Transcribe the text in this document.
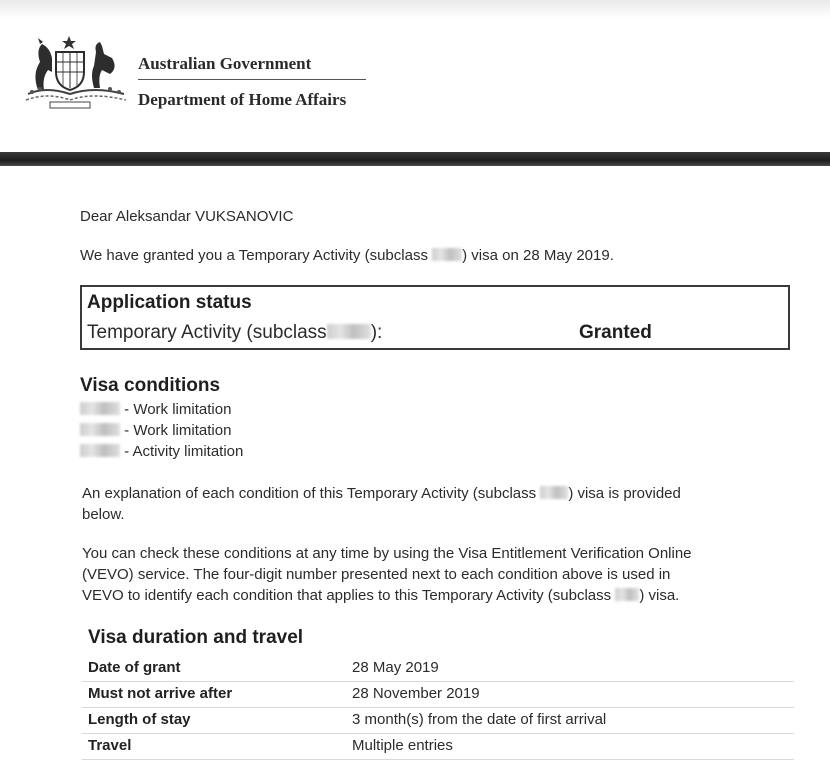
Australian Government
Department of Home Affairs
Dear Aleksandar VUKSANOVIC
We have granted you a Temporary Activity (subclass ) visa on 28 May 2019.
Application status
Temporary Activity (subclass ):	Granted
Visa conditions
- Work limitation
- Work limitation
- Activity limitation
An explanation of each condition of this Temporary Activity (subclass ) visa is provided
below.
You can check these conditions at any time by using the Visa Entitlement Verification Online
(VEVO) service. The four-digit number presented next to each condition above is used in
VEVO to identify each condition that applies to this Temporary Activity (subclass ) visa.
Visa duration and travel
Date of grant	28 May 2019
Must not arrive after	28 November 2019
Length of stay	3 month(s) from the date of first arrival
Travel	Multiple entries
